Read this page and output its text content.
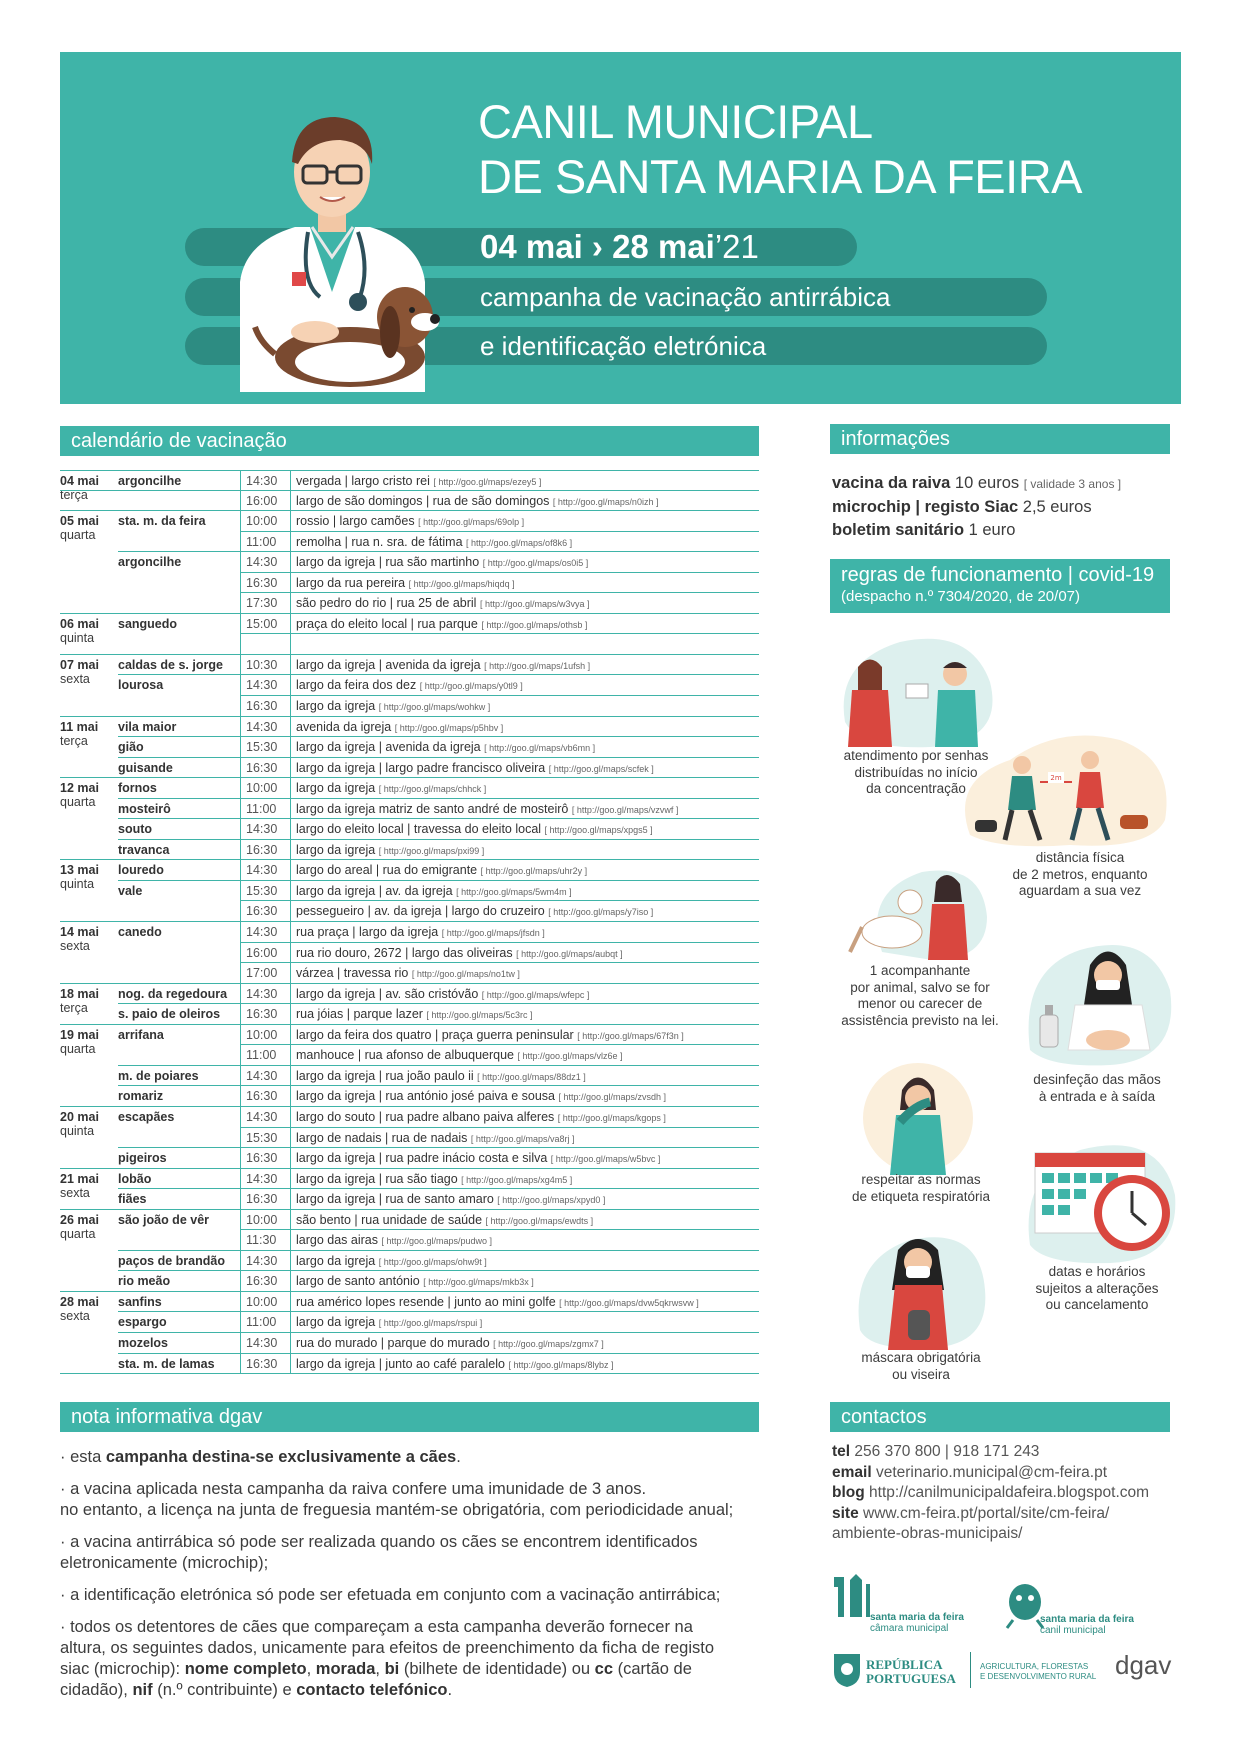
CANIL MUNICIPAL
DE SANTA MARIA DA FEIRA
04 mai › 28 mai’21
campanha de vacinação antirrábica
e identificação eletrónica
calendário de vacinação
04 mai
terça
argoncilhe	14:30	vergada | largo cristo rei [ http://goo.gl/maps/ezey5 ]
16:00	largo de são domingos | rua de são domingos [ http://goo.gl/maps/n0izh ]
05 mai
quarta
sta. m. da feira	10:00	rossio | largo camões [ http://goo.gl/maps/69olp ]
11:00	remolha | rua n. sra. de fátima [ http://goo.gl/maps/of8k6 ]
argoncilhe	14:30	largo da igreja | rua são martinho [ http://goo.gl/maps/os0i5 ]
16:30	largo da rua pereira [ http://goo.gl/maps/hiqdq ]
17:30	são pedro do rio | rua 25 de abril [ http://goo.gl/maps/w3vya ]
06 mai
quinta
sanguedo	15:00	praça do eleito local | rua parque [ http://goo.gl/maps/othsb ]
07 mai
sexta
caldas de s. jorge 10:30	largo da igreja | avenida da igreja [ http://goo.gl/maps/1ufsh ]
lourosa	14:30	largo da feira dos dez [ http://goo.gl/maps/y0tl9 ]
16:30	largo da igreja [ http://goo.gl/maps/wohkw ]
11 mai
terça
vila maior	14:30	avenida da igreja [ http://goo.gl/maps/p5hbv ]
gião	15:30	largo da igreja | avenida da igreja [ http://goo.gl/maps/vb6mn ]
guisande	16:30	largo da igreja | largo padre francisco oliveira [ http://goo.gl/maps/scfek ]
12 mai
quarta
fornos	10:00	largo da igreja [ http://goo.gl/maps/chhck ]
mosteirô	11:00	largo da igreja matriz de santo andré de mosteirô [ http://goo.gl/maps/vzvwf ]
souto	14:30	largo do eleito local | travessa do eleito local [ http://goo.gl/maps/xpgs5 ]
travanca	16:30	largo da igreja [ http://goo.gl/maps/pxi99 ]
13 mai
quinta
louredo	14:30	largo do areal | rua do emigrante [ http://goo.gl/maps/uhr2y ]
vale	15:30	largo da igreja | av. da igreja [ http://goo.gl/maps/5wm4m ]
16:30	pessegueiro | av. da igreja | largo do cruzeiro [ http://goo.gl/maps/y7iso ]
14 mai
sexta
canedo	14:30	rua praça | largo da igreja [ http://goo.gl/maps/jfsdn ]
16:00	rua rio douro, 2672 | largo das oliveiras [ http://goo.gl/maps/aubqt ]
17:00	várzea | travessa rio [ http://goo.gl/maps/no1tw ]
18 mai
terça
nog. da regedoura 14:30	largo da igreja | av. são cristóvão [ http://goo.gl/maps/wfepc ]
s. paio de oleiros 16:30	rua jóias | parque lazer [ http://goo.gl/maps/5c3rc ]
19 mai
quarta
arrifana	10:00	largo da feira dos quatro | praça guerra peninsular [ http://goo.gl/maps/67f3n ]
11:00	manhouce | rua afonso de albuquerque [ http://goo.gl/maps/vlz6e ]
m. de poiares	14:30	largo da igreja | rua joão paulo ii [ http://goo.gl/maps/88dz1 ]
romariz	16:30	largo da igreja | rua antónio josé paiva e sousa [ http://goo.gl/maps/zvsdh ]
20 mai
quinta
escapães	14:30	largo do souto | rua padre albano paiva alferes [ http://goo.gl/maps/kgops ]
15:30	largo de nadais | rua de nadais [ http://goo.gl/maps/va8rj ]
pigeiros	16:30	largo da igreja | rua padre inácio costa e silva [ http://goo.gl/maps/w5bvc ]
21 mai
sexta
lobão	14:30	largo da igreja | rua são tiago [ http://goo.gl/maps/xg4m5 ]
fiães	16:30	largo da igreja | rua de santo amaro [ http://goo.gl/maps/xpyd0 ]
26 mai
quarta
são joão de vêr	10:00	são bento | rua unidade de saúde [ http://goo.gl/maps/ewdts ]
11:30	largo das airas [ http://goo.gl/maps/pudwo ]
paços de brandão 14:30	largo da igreja [ http://goo.gl/maps/ohw9t ]
rio meão	16:30	largo de santo antónio [ http://goo.gl/maps/mkb3x ]
28 mai
sexta
sanfins	10:00	rua américo lopes resende | junto ao mini golfe [ http://goo.gl/maps/dvw5qkrwsvw ]
espargo	11:00	largo da igreja [ http://goo.gl/maps/rspui ]
mozelos	14:30	rua do murado | parque do murado [ http://goo.gl/maps/zgmx7 ]
sta. m. de lamas	16:30	largo da igreja | junto ao café paralelo [ http://goo.gl/maps/8lybz ]
informações
vacina da raiva 10 euros [ validade 3 anos ]
microchip | registo Siac 2,5 euros
boletim sanitário 1 euro
regras de funcionamento | covid-19
(despacho n.º 7304/2020, de 20/07)
atendimento por senhas
distribuídas no início
da concentração
2m
distância física
de 2 metros, enquanto
aguardam a sua vez
1 acompanhante
por animal, salvo se for
menor ou carecer de
assistência previsto na lei.
desinfeção das mãos
à entrada e à saída
respeitar as normas
de etiqueta respiratória
datas e horários
sujeitos a alterações
ou cancelamento
máscara obrigatória
ou viseira
nota informativa dgav

· esta campanha destina-se exclusivamente a cães.

· a vacina aplicada nesta campanha da raiva confere uma imunidade de 3 anos.
no entanto, a licença na junta de freguesia mantém-se obrigatória, com periodicidade anual;

· a vacina antirrábica só pode ser realizada quando os cães se encontrem identificados
eletronicamente (microchip);

· a identificação eletrónica só pode ser efetuada em conjunto com a vacinação antirrábica;

· todos os detentores de cães que compareçam a esta campanha deverão fornecer na
altura, os seguintes dados, unicamente para efeitos de preenchimento da ficha de registo
siac (microchip): nome completo, morada, bi (bilhete de identidade) ou cc (cartão de
cidadão), nif (n.º contribuinte) e contacto telefónico.

contactos
tel 256 370 800 | 918 171 243
email veterinario.municipal@cm-feira.pt
blog http://canilmunicipaldafeira.blogspot.com
site www.cm-feira.pt/portal/site/cm-feira/
ambiente-obras-municipais/
santa maria da feira
câmara municipal
santa maria da feira
canil municipal
REPÚBLICA
PORTUGUESA
AGRICULTURA, FLORESTAS
E DESENVOLVIMENTO RURAL dgav
